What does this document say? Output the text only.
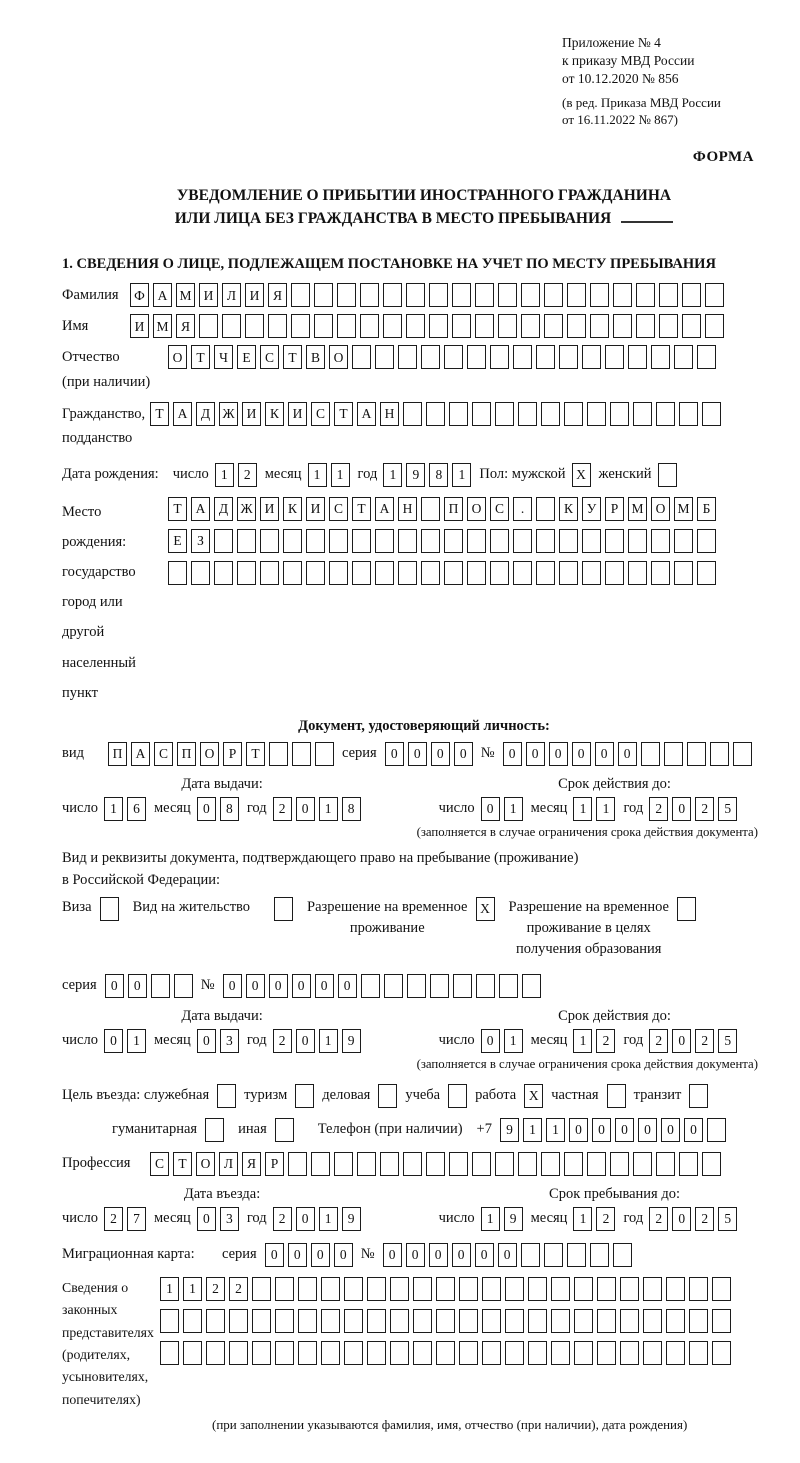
Приложение № 4
к приказу МВД России
от 10.12.2020 № 856
(в ред. Приказа МВД России
от 16.11.2022 № 867)
ФОРМА
УВЕДОМЛЕНИЕ О ПРИБЫТИИ ИНОСТРАННОГО ГРАЖДАНИНА
ИЛИ ЛИЦА БЕЗ ГРАЖДАНСТВА В МЕСТО ПРЕБЫВАНИЯ
1. СВЕДЕНИЯ О ЛИЦЕ, ПОДЛЕЖАЩЕМ ПОСТАНОВКЕ НА УЧЕТ ПО МЕСТУ ПРЕБЫВАНИЯ
Фамилия	Ф А М И	Л	И	Я
Имя	И М Я
Отчество
(при наличии)
О	Т	Ч	Е	С	Т	В	О
Гражданство,
подданство
Т	А	Д Ж И	К	И	С	Т	А Н
Дата рождения: число 1	2 месяц 1	1 год 1	9	8	1 Пол: мужской X женский
Место рождения:
государство
город или другой
населенный пункт
Т	А	Д Ж И	К	И	С	Т	А Н	П О	С	.	К	У	Р М О М Б
Е	З
Документ, удостоверяющий личность:
вид	П А	С	П О	Р	Т	серия	0	0	0	0 №	0	0	0	0	0	0
Дата выдачи:	Срок действия до:
число 1	6 месяц 0	8 год 2	0	1	8	число 0	1 месяц 1	1 год 2	0	2	5
(заполняется в случае ограничения срока действия документа)
Вид и реквизиты документа, подтверждающего право на пребывание (проживание)
в Российской Федерации:
Виза	Вид на жительство	Разрешение на временное
проживание
X	Разрешение на временное
проживание в целях
получения образования
серия	0	0	№	0	0	0	0	0	0
Дата выдачи:	Срок действия до:
число 0	1 месяц 0	3 год 2	0	1	9	число 0	1 месяц 1	2 год 2	0	2	5
(заполняется в случае ограничения срока действия документа)
Цель въезда: служебная туризм деловая учеба работа X частная транзит
гуманитарная	иная	Телефон (при наличии) +7	9	1	1	0	0	0	0	0	0
Профессия	С	Т	О	Л	Я	Р
Дата въезда:	Срок пребывания до:
число 2	7 месяц 0	3 год 2	0	1	9	число 1	9 месяц 1	2 год 2	0	2	5
Миграционная карта:	серия	0	0	0	0 №	0	0	0	0	0	0
Сведения о
законных
представителях
(родителях,
усыновителях,
попечителях)
1	1	2	2
(при заполнении указываются фамилия, имя, отчество (при наличии), дата рождения)
